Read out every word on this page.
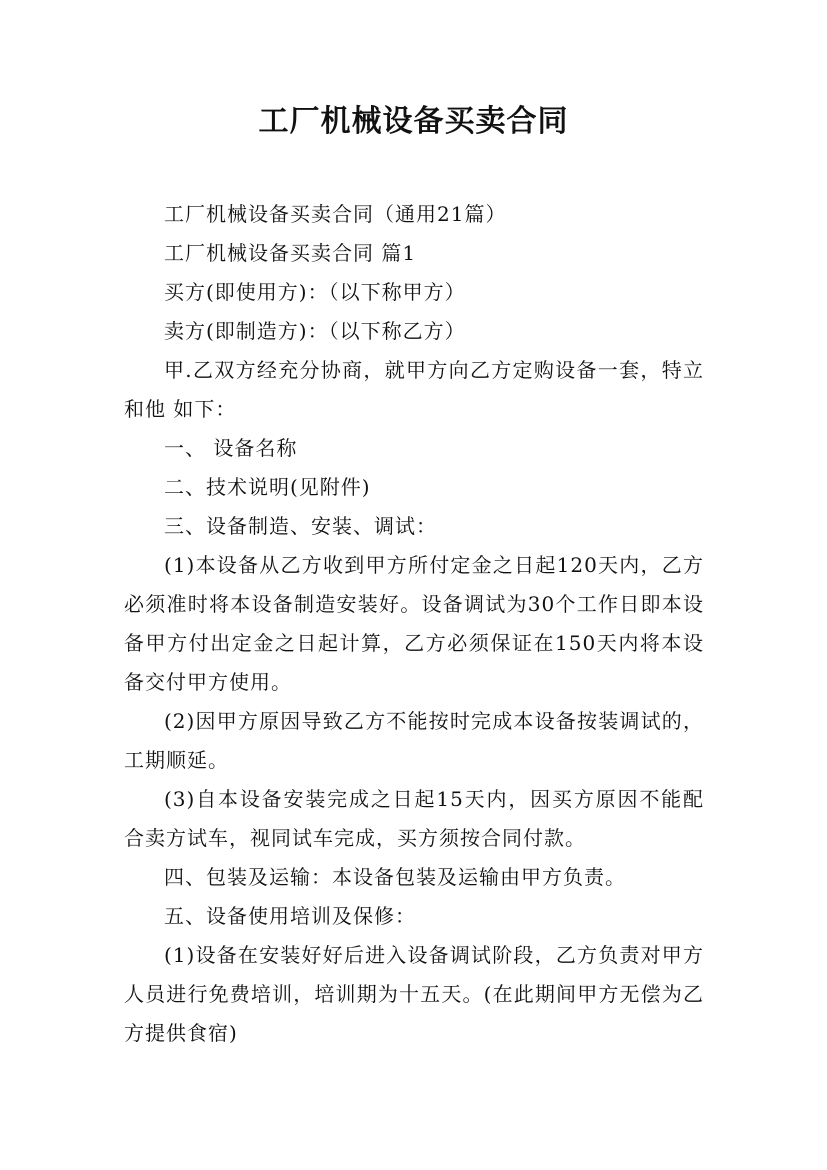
工厂机械设备买卖合同

工厂机械设备买卖合同（通用21篇）

工厂机械设备买卖合同 篇1

买方(即使用方)：（以下称甲方）

卖方(即制造方)：（以下称乙方）

甲.乙双方经充分协商，就甲方向乙方定购设备一套，特立和他 如下：

一、 设备名称

二、技术说明(见附件)

三、设备制造、安装、调试：

(1)本设备从乙方收到甲方所付定金之日起120天内，乙方必须准时将本设备制造安装好。设备调试为30个工作日即本设备甲方付出定金之日起计算，乙方必须保证在150天内将本设备交付甲方使用。

(2)因甲方原因导致乙方不能按时完成本设备按装调试的，工期顺延。

(3)自本设备安装完成之日起15天内，因买方原因不能配合卖方试车，视同试车完成，买方须按合同付款。

四、包装及运输：本设备包装及运输由甲方负责。

五、设备使用培训及保修：

(1)设备在安装好好后进入设备调试阶段，乙方负责对甲方人员进行免费培训，培训期为十五天。(在此期间甲方无偿为乙方提供食宿)
